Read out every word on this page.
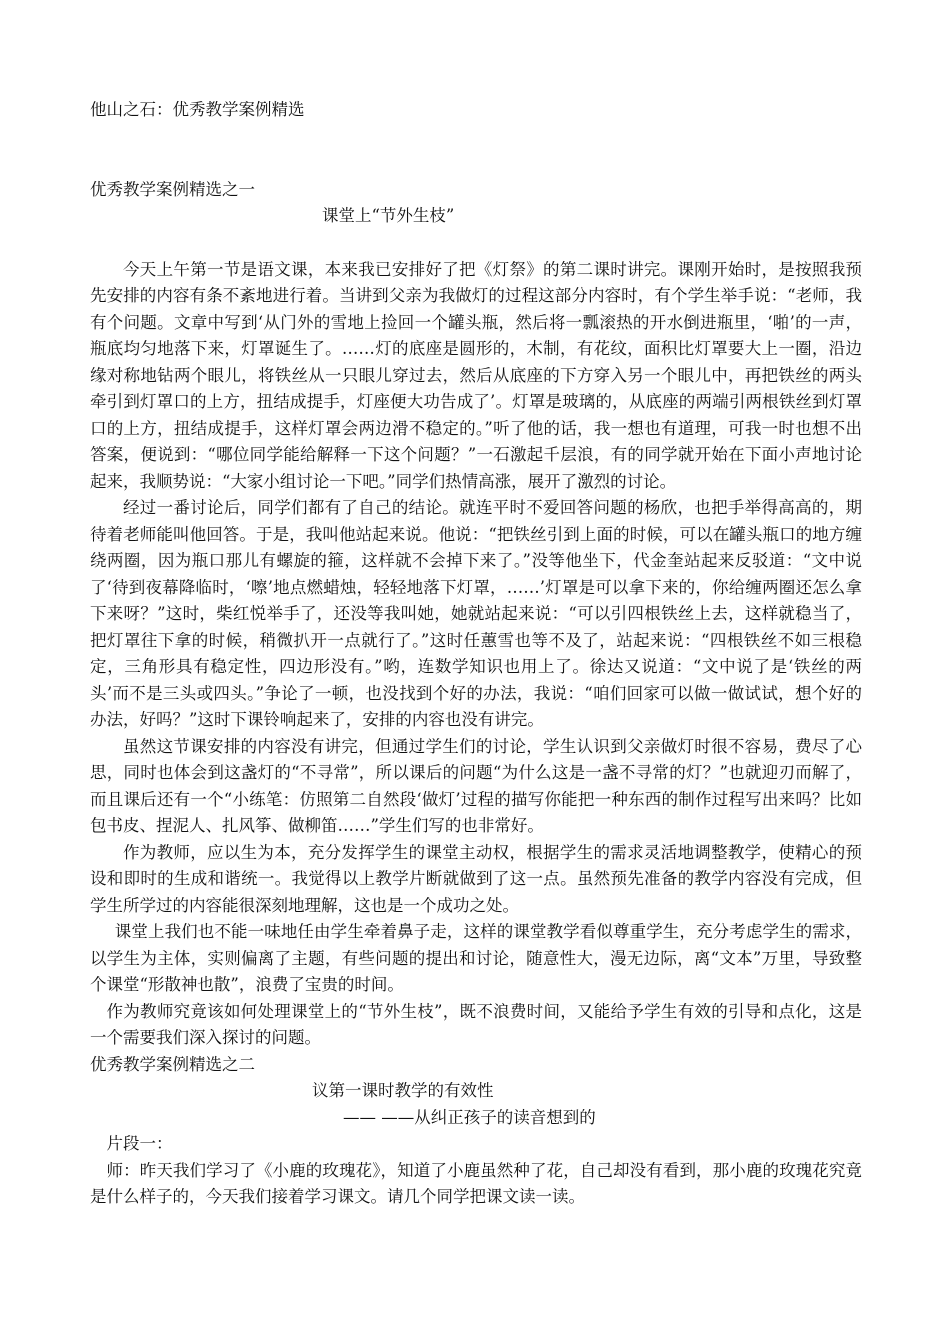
他山之石：优秀教学案例精选

优秀教学案例精选之一

课堂上“节外生枝”

今天上午第一节是语文课，本来我已安排好了把《灯祭》的第二课时讲完。课刚开始时，是按照我预先安排的内容有条不紊地进行着。当讲到父亲为我做灯的过程这部分内容时，有个学生举手说：“老师，我有个问题。文章中写到‘从门外的雪地上捡回一个罐头瓶，然后将一瓢滚热的开水倒进瓶里，‘啪’的一声，瓶底均匀地落下来，灯罩诞生了。……灯的底座是圆形的，木制，有花纹，面积比灯罩要大上一圈，沿边缘对称地钻两个眼儿，将铁丝从一只眼儿穿过去，然后从底座的下方穿入另一个眼儿中，再把铁丝的两头牵引到灯罩口的上方，扭结成提手，灯座便大功告成了’。灯罩是玻璃的，从底座的两端引两根铁丝到灯罩口的上方，扭结成提手，这样灯罩会两边滑不稳定的。”听了他的话，我一想也有道理，可我一时也想不出答案，便说到：“哪位同学能给解释一下这个问题？”一石激起千层浪，有的同学就开始在下面小声地讨论起来，我顺势说：“大家小组讨论一下吧。”同学们热情高涨，展开了激烈的讨论。

经过一番讨论后，同学们都有了自己的结论。就连平时不爱回答问题的杨欣，也把手举得高高的，期待着老师能叫他回答。于是，我叫他站起来说。他说：“把铁丝引到上面的时候，可以在罐头瓶口的地方缠绕两圈，因为瓶口那儿有螺旋的箍，这样就不会掉下来了。”没等他坐下，代金奎站起来反驳道：“文中说了‘待到夜幕降临时，‘嚓’地点燃蜡烛，轻轻地落下灯罩，……’灯罩是可以拿下来的，你给缠两圈还怎么拿下来呀？”这时，柴红悦举手了，还没等我叫她，她就站起来说：“可以引四根铁丝上去，这样就稳当了，把灯罩往下拿的时候，稍微扒开一点就行了。”这时任蕙雪也等不及了，站起来说：“四根铁丝不如三根稳定，三角形具有稳定性，四边形没有。”哟，连数学知识也用上了。徐达又说道：“文中说了是‘铁丝的两头’而不是三头或四头。”争论了一顿，也没找到个好的办法，我说：“咱们回家可以做一做试试，想个好的办法，好吗？”这时下课铃响起来了，安排的内容也没有讲完。

虽然这节课安排的内容没有讲完，但通过学生们的讨论，学生认识到父亲做灯时很不容易，费尽了心思，同时也体会到这盏灯的“不寻常”，所以课后的问题“为什么这是一盏不寻常的灯？”也就迎刃而解了，而且课后还有一个“小练笔：仿照第二自然段‘做灯’过程的描写你能把一种东西的制作过程写出来吗？比如包书皮、捏泥人、扎风筝、做柳笛……”学生们写的也非常好。

作为教师，应以生为本，充分发挥学生的课堂主动权，根据学生的需求灵活地调整教学，使精心的预设和即时的生成和谐统一。我觉得以上教学片断就做到了这一点。虽然预先准备的教学内容没有完成，但学生所学过的内容能很深刻地理解，这也是一个成功之处。

课堂上我们也不能一味地任由学生牵着鼻子走，这样的课堂教学看似尊重学生，充分考虑学生的需求，以学生为主体，实则偏离了主题，有些问题的提出和讨论，随意性大，漫无边际，离“文本”万里，导致整个课堂“形散神也散”，浪费了宝贵的时间。

作为教师究竟该如何处理课堂上的“节外生枝”，既不浪费时间，又能给予学生有效的引导和点化，这是一个需要我们深入探讨的问题。

优秀教学案例精选之二

议第一课时教学的有效性

—— ——从纠正孩子的读音想到的

片段一：

师：昨天我们学习了《小鹿的玫瑰花》，知道了小鹿虽然种了花，自己却没有看到，那小鹿的玫瑰花究竟是什么样子的，今天我们接着学习课文。请几个同学把课文读一读。
